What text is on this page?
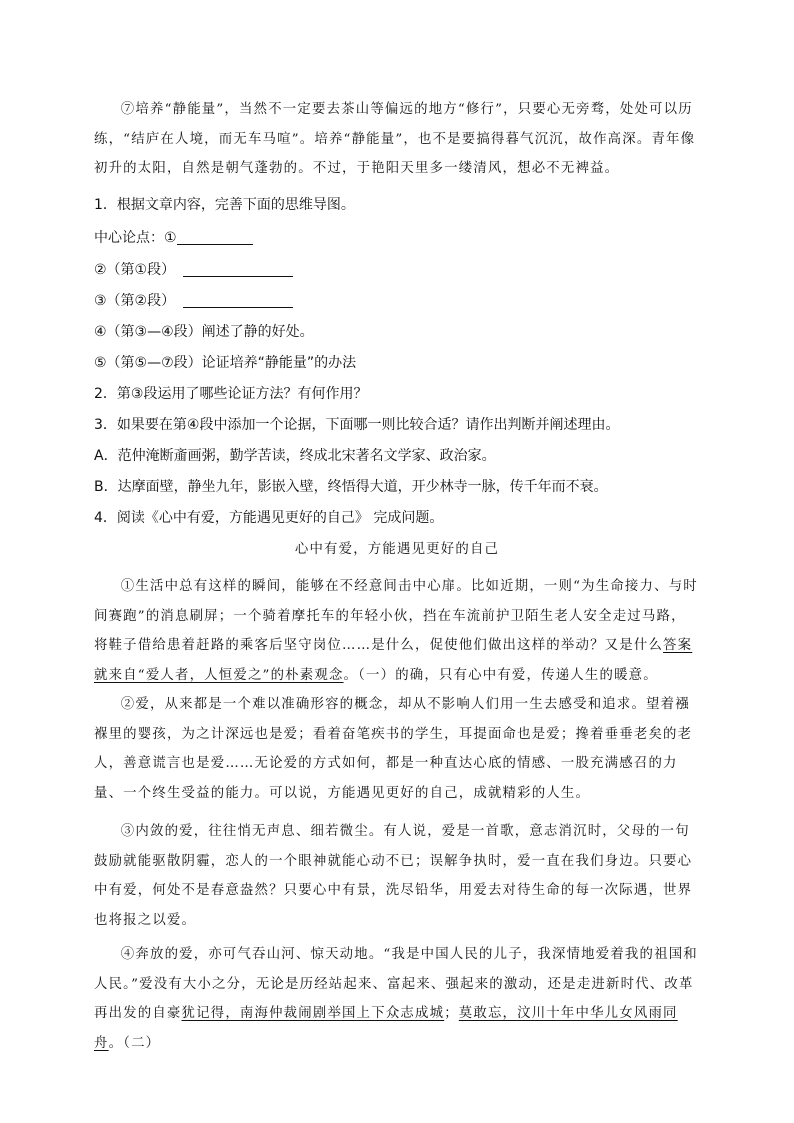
⑦培养“静能量”，当然不一定要去茶山等偏远的地方“修行”，只要心无旁骛，处处可以历练，“结庐在人境，而无车马喧”。培养“静能量”，也不是要搞得暮气沉沉，故作高深。青年像初升的太阳，自然是朝气蓬勃的。不过，于艳阳天里多一缕清风，想必不无裨益。

1．根据文章内容，完善下面的思维导图。

中心论点：①

②（第①段）

③（第②段）

④（第③—④段）阐述了静的好处。

⑤（第⑤—⑦段）论证培养“静能量”的办法

2．第③段运用了哪些论证方法？有何作用？

3．如果要在第④段中添加一个论据，下面哪一则比较合适？请作出判断并阐述理由。

A．范仲淹断齑画粥，勤学苦读，终成北宋著名文学家、政治家。

B．达摩面壁，静坐九年，影嵌入壁，终悟得大道，开少林寺一脉，传千年而不衰。

4．阅读《心中有爱，方能遇见更好的自己》 完成问题。

心中有爱，方能遇见更好的自己

①生活中总有这样的瞬间，能够在不经意间击中心扉。比如近期，一则“为生命接力、与时间赛跑”的消息刷屏；一个骑着摩托车的年轻小伙，挡在车流前护卫陌生老人安全走过马路，将鞋子借给患着赶路的乘客后坚守岗位……是什么，促使他们做出这样的举动？又是什么答案就来自“爱人者，人恒爱之”的朴素观念。（一）的确，只有心中有爱，传递人生的暖意。

②爱，从来都是一个难以准确形容的概念，却从不影响人们用一生去感受和追求。望着襁褓里的婴孩，为之计深远也是爱；看着奋笔疾书的学生，耳提面命也是爱；搀着垂垂老矣的老人，善意谎言也是爱……无论爱的方式如何，都是一种直达心底的情感、一股充满感召的力量、一个终生受益的能力。可以说，方能遇见更好的自己，成就精彩的人生。

③内敛的爱，往往悄无声息、细若微尘。有人说，爱是一首歌，意志消沉时，父母的一句鼓励就能驱散阴霾，恋人的一个眼神就能心动不已；误解争执时，爱一直在我们身边。只要心中有爱，何处不是春意盎然？只要心中有景，洗尽铅华，用爱去对待生命的每一次际遇，世界也将报之以爱。

④奔放的爱，亦可气吞山河、惊天动地。“我是中国人民的儿子，我深情地爱着我的祖国和人民。”爱没有大小之分，无论是历经站起来、富起来、强起来的激动，还是走进新时代、改革再出发的自豪犹记得，南海仲裁闹剧举国上下众志成城；莫敢忘，汶川十年中华儿女风雨同舟。（二）
